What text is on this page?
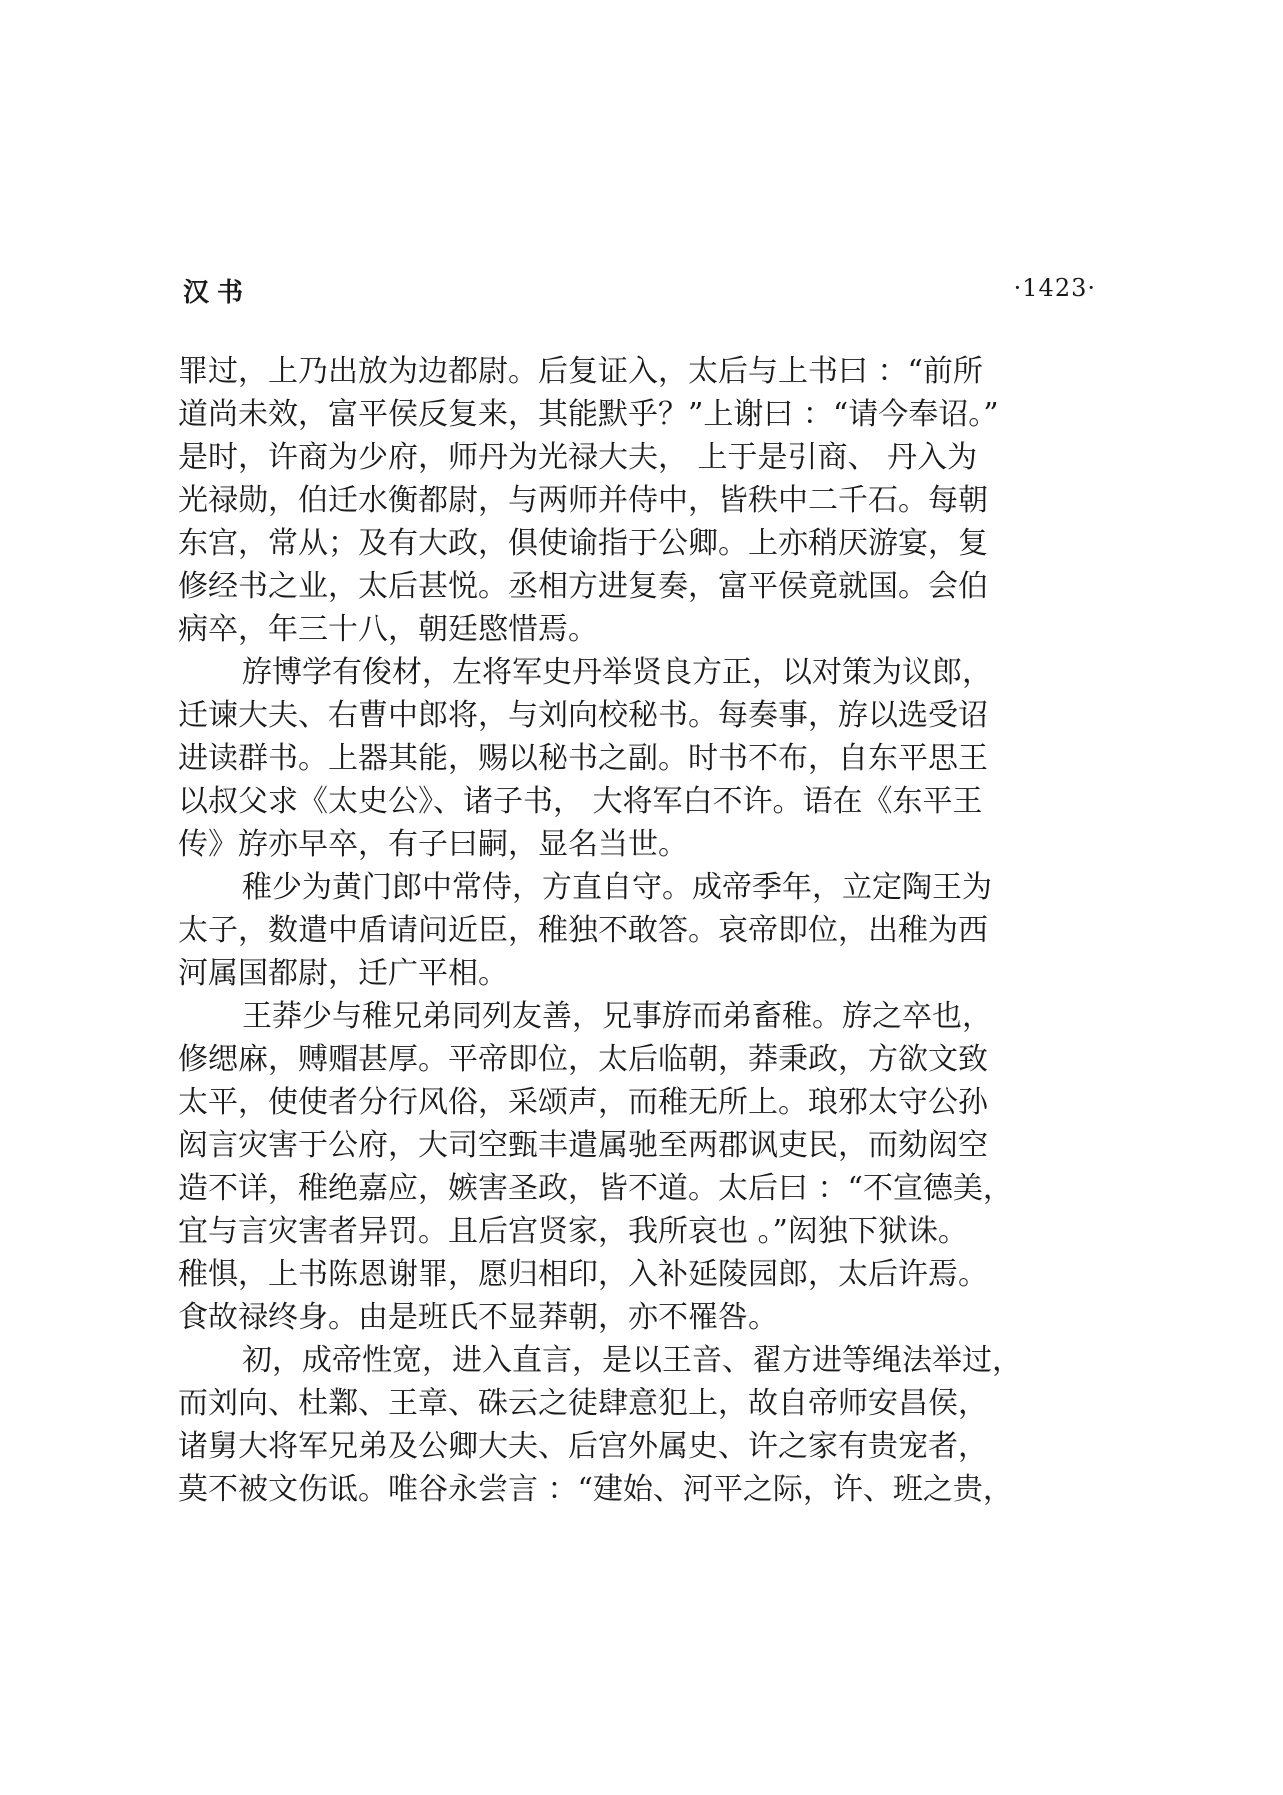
汉书	·1423·
罪过，上乃出放为边都尉。后复证入，太后与上书曰 ：“前所
道尚未效，富平侯反复来，其能默乎？”上谢曰 ：“请今奉诏。”
是时，许商为少府，师丹为光禄大夫， 上于是引商、 丹入为
光禄勋，伯迁水衡都尉，与两师并侍中，皆秩中二千石。每朝
东宫，常从；及有大政，俱使谕指于公卿。上亦稍厌游宴，复
修经书之业，太后甚悦。丞相方进复奏，富平侯竟就国。会伯
病卒，年三十八，朝廷愍惜焉。
斿博学有俊材，左将军史丹举贤良方正，以对策为议郎，
迁谏大夫、右曹中郎将，与刘向校秘书。每奏事，斿以选受诏
进读群书。上器其能，赐以秘书之副。时书不布，自东平思王
以叔父求《太史公》、诸子书， 大将军白不许。语在《东平王
传》斿亦早卒，有子曰嗣，显名当世。
稚少为黄门郎中常侍，方直自守。成帝季年，立定陶王为
太子，数遣中盾请问近臣，稚独不敢答。哀帝即位，出稚为西
河属国都尉，迁广平相。
王莽少与稚兄弟同列友善，兄事斿而弟畜稚。斿之卒也，
修缌麻，赙赗甚厚。平帝即位，太后临朝，莽秉政，方欲文致
太平，使使者分行风俗，采颂声，而稚无所上。琅邪太守公孙
闳言灾害于公府，大司空甄丰遣属驰至两郡讽吏民，而劾闳空
造不详，稚绝嘉应，嫉害圣政，皆不道。太后曰 ：“不宣德美，
宜与言灾害者异罚。且后宫贤家，我所哀也 。”闳独下狱诛。
稚惧，上书陈恩谢罪，愿归相印，入补延陵园郎，太后许焉。
食故禄终身。由是班氏不显莽朝，亦不罹咎。
初，成帝性宽，进入直言，是以王音、翟方进等绳法举过，
而刘向、杜鄴、王章、硃云之徒肆意犯上，故自帝师安昌侯，
诸舅大将军兄弟及公卿大夫、后宫外属史、许之家有贵宠者，
莫不被文伤诋。唯谷永尝言 ：“建始、河平之际，许、班之贵，
